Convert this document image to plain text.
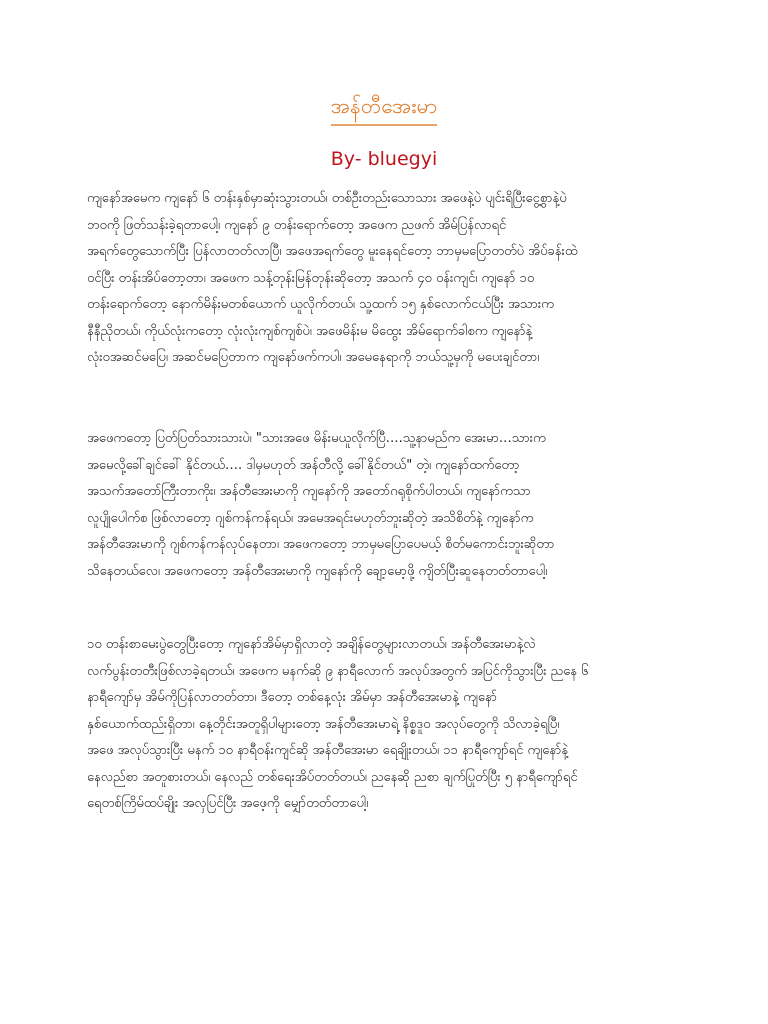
အန်တီအေးမာ
By- bluegyi
ကျနော်အမေက ကျနော် ၆ တန်းနှစ်မှာဆုံးသွားတယ်၊ တစ်ဦးတည်းသောသား အဖေနဲ့ပဲ ပျင်းရိပြီးငွေ့စွာနဲ့ပဲ
ဘဝကို ဖြတ်သန်းခဲ့ရတာပေါ့၊ ကျနော် ၉ တန်းရောက်တော့ အဖေက ညဖက် အိမ်ပြန်လာရင်
အရက်တွေသောက်ပြီး ပြန်လာတတ်လာပြီ၊ အဖေအရက်တွေ မူးနေရင်တော့ ဘာမှမပြောတတ်ပဲ အိပ်ခန်းထဲ
ဝင်ပြီး တန်းအိပ်တော့တာ၊ အဖေက သန့်တုန်းမြန်တုန်းဆိုတော့ အသက် ၄၀ ဝန်းကျင်၊ ကျနော် ၁၀
တန်းရောက်တော့ နောက်မိန်းမတစ်ယောက် ယူလိုက်တယ်၊ သူ့ထက် ၁၅ နှစ်လောက်ငယ်ပြီး အသားက
နီနီညိုတယ်၊ ကိုယ်လုံးကတော့ လုံးလုံးကျစ်ကျစ်ပဲ၊ အဖေမိန်းမ မိထွေး အိမ်ရောက်ခါစက ကျနော်နဲ့
လုံးဝအဆင်မပြေ၊ အဆင်မပြေတာက ကျနော်ဖက်ကပါ၊ အမေနေရာကို ဘယ်သူ့မှကို မပေးချင်တာ၊
အဖေကတော့ ပြတ်ပြတ်သားသားပဲ၊ "သားအဖေ မိန်းမယူလိုက်ပြီ….သူ့နာမည်က အေးမာ…သားက
အမေလို့ခေါ်ချင်ခေါ် နိုင်တယ်…. ဒါမှမဟုတ် အန်တီလို့ ခေါ်နိုင်တယ်" တဲ့၊ ကျနော်ထက်တော့
အသက်အတော်ကြီးတာကိုး၊ အန်တီအေးမာကို ကျနော်ကို အတော်ဂရုစိုက်ပါတယ်၊ ကျနော်ကသာ
လူပျိုပေါက်စ ဖြစ်လာတော့ ဂျစ်ကန်ကန်ရယ်၊ အမေအရင်းမဟုတ်ဘူးဆိုတဲ့ အသိစိတ်နဲ့ ကျနော်က
အန်တီအေးမာကို ဂျစ်ကန်ကန်လုပ်နေတာ၊ အဖေကတော့ ဘာမှမပြောပေမယ့် စိတ်မကောင်းဘူးဆိုတာ
သိနေတယ်လေ၊ အဖေကတော့ အန်တီအေးမာကို ကျနော်ကို ချော့မော့ဖို့ ကျိတ်ပြီးဆူနေတတ်တာပေါ့၊
၁၀ တန်းစာမေးပွဲတွေပြီးတော့ ကျနော်အိမ်မှာရှိလာတဲ့ အချိန်တွေများလာတယ်၊ အန်တီအေးမာနဲ့လဲ
လက်ပွန်းတတီးဖြစ်လာခဲ့ရတယ်၊ အဖေက မနက်ဆို ၉ နာရီလောက် အလုပ်အတွက် အပြင်ကိုသွားပြီး ညနေ ၆
နာရီကျော်မှ အိမ်ကိုပြန်လာတတ်တာ၊ ဒီတော့ တစ်နေ့လုံး အိမ်မှာ အန်တီအေးမာနဲ့ ကျနော်
နှစ်ယောက်ထည်းရှိတာ၊ နေ့တိုင်းအတူရှိပါများတော့ အန်တီအေးမာရဲ့ နိစ္စဒူဝ အလုပ်တွေကို သိလာခဲ့ရပြီ၊
အဖေ အလုပ်သွားပြီး မနက် ၁၀ နာရီဝန်းကျင်ဆို အန်တီအေးမာ ရေချိုးတယ်၊ ၁၁ နာရီကျော်ရင် ကျနော်နဲ့
နေလည်စာ အတူစားတယ်၊ နေလည် တစ်ရေးအိပ်တတ်တယ်၊ ညနေဆို ညစာ ချက်ပြုတ်ပြီး ၅ နာရီကျော်ရင်
ရေတစ်ကြိမ်ထပ်ချိုး အလှပြင်ပြီး အဖေ့ကို မျှော်တတ်တာပေါ့၊
